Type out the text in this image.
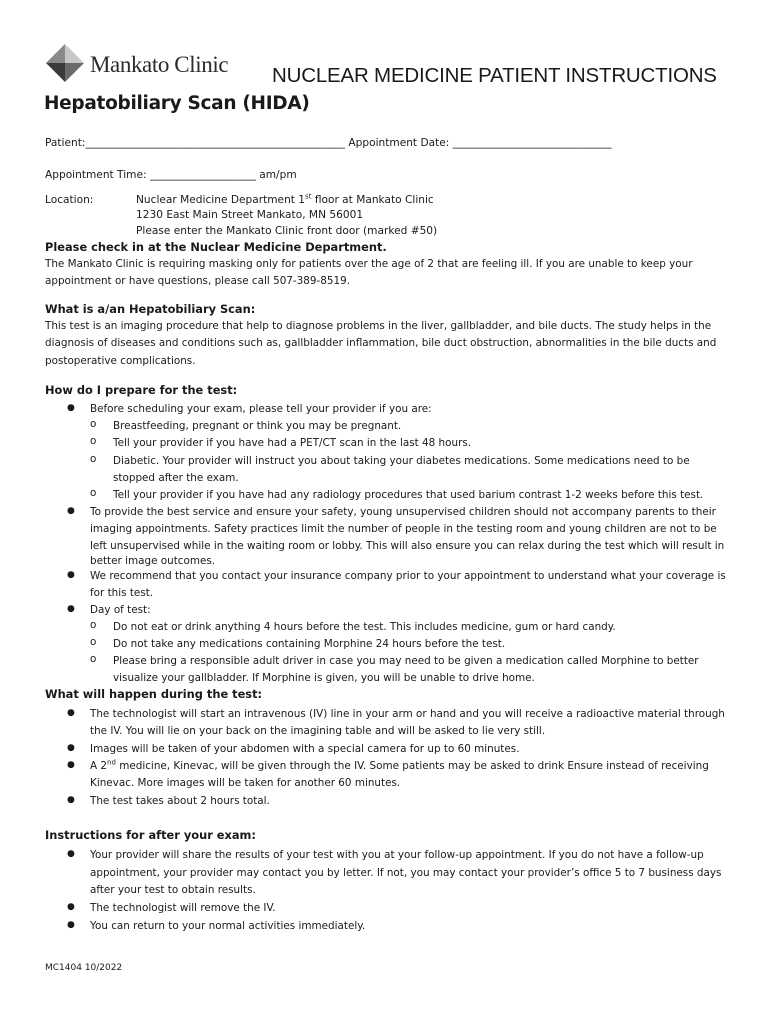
Mankato Clinic NUCLEAR MEDICINE PATIENT INSTRUCTIONS
Hepatobiliary Scan (HIDA)
Patient:_________________________________________________ Appointment Date: ______________________________
Appointment Time: ____________________ am/pm
Location:	Nuclear Medicine Department 1st floor at Mankato Clinic
1230 East Main Street Mankato, MN 56001
Please enter the Mankato Clinic front door (marked #50)
Please check in at the Nuclear Medicine Department.
The Mankato Clinic is requiring masking only for patients over the age of 2 that are feeling ill. If you are unable to keep your appointment or have questions, please call 507-389-8519.
What is a/an Hepatobiliary Scan:
This test is an imaging procedure that help to diagnose problems in the liver, gallbladder, and bile ducts. The study helps in the diagnosis of diseases and conditions such as, gallbladder inflammation, bile duct obstruction, abnormalities in the bile ducts and postoperative complications.
How do I prepare for the test:
● Before scheduling your exam, please tell your provider if you are:
o Breastfeeding, pregnant or think you may be pregnant.
o Tell your provider if you have had a PET/CT scan in the last 48 hours.
o Diabetic. Your provider will instruct you about taking your diabetes medications. Some medications need to be
stopped after the exam.
o Tell your provider if you have had any radiology procedures that used barium contrast 1-2 weeks before this test.
● To provide the best service and ensure your safety, young unsupervised children should not accompany parents to their
imaging appointments. Safety practices limit the number of people in the testing room and young children are not to be
left unsupervised while in the waiting room or lobby. This will also ensure you can relax during the test which will result in
better image outcomes.
● We recommend that you contact your insurance company prior to your appointment to understand what your coverage is
for this test.
● Day of test:
o Do not eat or drink anything 4 hours before the test. This includes medicine, gum or hard candy.
o Do not take any medications containing Morphine 24 hours before the test.
o Please bring a responsible adult driver in case you may need to be given a medication called Morphine to better
visualize your gallbladder. If Morphine is given, you will be unable to drive home.
What will happen during the test:
● The technologist will start an intravenous (IV) line in your arm or hand and you will receive a radioactive material through
the IV. You will lie on your back on the imagining table and will be asked to lie very still.
● Images will be taken of your abdomen with a special camera for up to 60 minutes.
● A 2nd medicine, Kinevac, will be given through the IV. Some patients may be asked to drink Ensure instead of receiving
Kinevac. More images will be taken for another 60 minutes.
● The test takes about 2 hours total.
Instructions for after your exam:
● Your provider will share the results of your test with you at your follow-up appointment. If you do not have a follow-up
appointment, your provider may contact you by letter. If not, you may contact your provider’s office 5 to 7 business days
after your test to obtain results.
● The technologist will remove the IV.
● You can return to your normal activities immediately.
MC1404 10/2022
